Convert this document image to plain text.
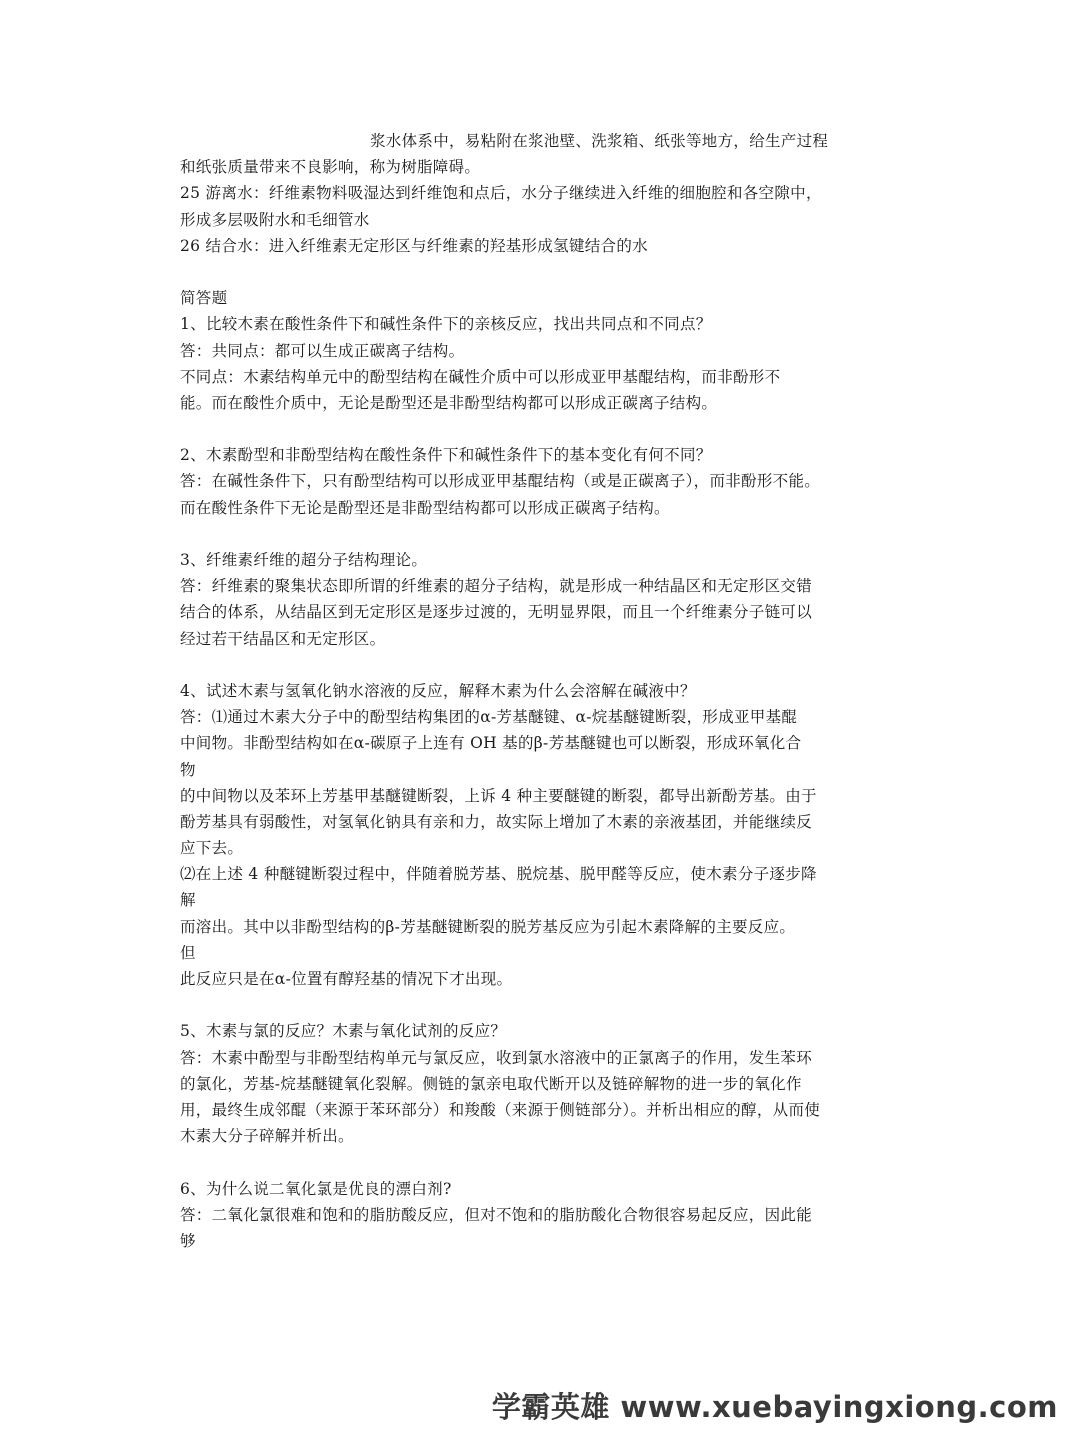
浆水体系中，易粘附在浆池壁、洗浆箱、纸张等地方，给生产过程
和纸张质量带来不良影响，称为树脂障碍。
25 游离水：纤维素物料吸湿达到纤维饱和点后，水分子继续进入纤维的细胞腔和各空隙中，
形成多层吸附水和毛细管水
26 结合水：进入纤维素无定形区与纤维素的羟基形成氢键结合的水
简答题
1、比较木素在酸性条件下和碱性条件下的亲核反应，找出共同点和不同点？
答：共同点：都可以生成正碳离子结构。
不同点：木素结构单元中的酚型结构在碱性介质中可以形成亚甲基醌结构，而非酚形不
能。而在酸性介质中，无论是酚型还是非酚型结构都可以形成正碳离子结构。
2、木素酚型和非酚型结构在酸性条件下和碱性条件下的基本变化有何不同？
答：在碱性条件下，只有酚型结构可以形成亚甲基醌结构（或是正碳离子），而非酚形不能。
而在酸性条件下无论是酚型还是非酚型结构都可以形成正碳离子结构。
3、纤维素纤维的超分子结构理论。
答：纤维素的聚集状态即所谓的纤维素的超分子结构，就是形成一种结晶区和无定形区交错
结合的体系，从结晶区到无定形区是逐步过渡的，无明显界限，而且一个纤维素分子链可以
经过若干结晶区和无定形区。
4、试述木素与氢氧化钠水溶液的反应，解释木素为什么会溶解在碱液中？
答：⑴通过木素大分子中的酚型结构集团的α-芳基醚键、α-烷基醚键断裂，形成亚甲基醌
中间物。非酚型结构如在α-碳原子上连有 OH 基的β-芳基醚键也可以断裂，形成环氧化合
物
的中间物以及苯环上芳基甲基醚键断裂，上诉 4 种主要醚键的断裂，都导出新酚芳基。由于
酚芳基具有弱酸性，对氢氧化钠具有亲和力，故实际上增加了木素的亲液基团，并能继续反
应下去。
⑵在上述 4 种醚键断裂过程中，伴随着脱芳基、脱烷基、脱甲醛等反应，使木素分子逐步降
解
而溶出。其中以非酚型结构的β-芳基醚键断裂的脱芳基反应为引起木素降解的主要反应。
但
此反应只是在α-位置有醇羟基的情况下才出现。
5、木素与氯的反应？木素与氧化试剂的反应？
答：木素中酚型与非酚型结构单元与氯反应，收到氯水溶液中的正氯离子的作用，发生苯环
的氯化，芳基-烷基醚键氧化裂解。侧链的氯亲电取代断开以及链碎解物的进一步的氧化作
用，最终生成邻醌（来源于苯环部分）和羧酸（来源于侧链部分）。并析出相应的醇，从而使
木素大分子碎解并析出。
6、为什么说二氧化氯是优良的漂白剂?
答：二氧化氯很难和饱和的脂肪酸反应，但对不饱和的脂肪酸化合物很容易起反应，因此能
够
学霸英雄 www.xuebayingxiong.com
